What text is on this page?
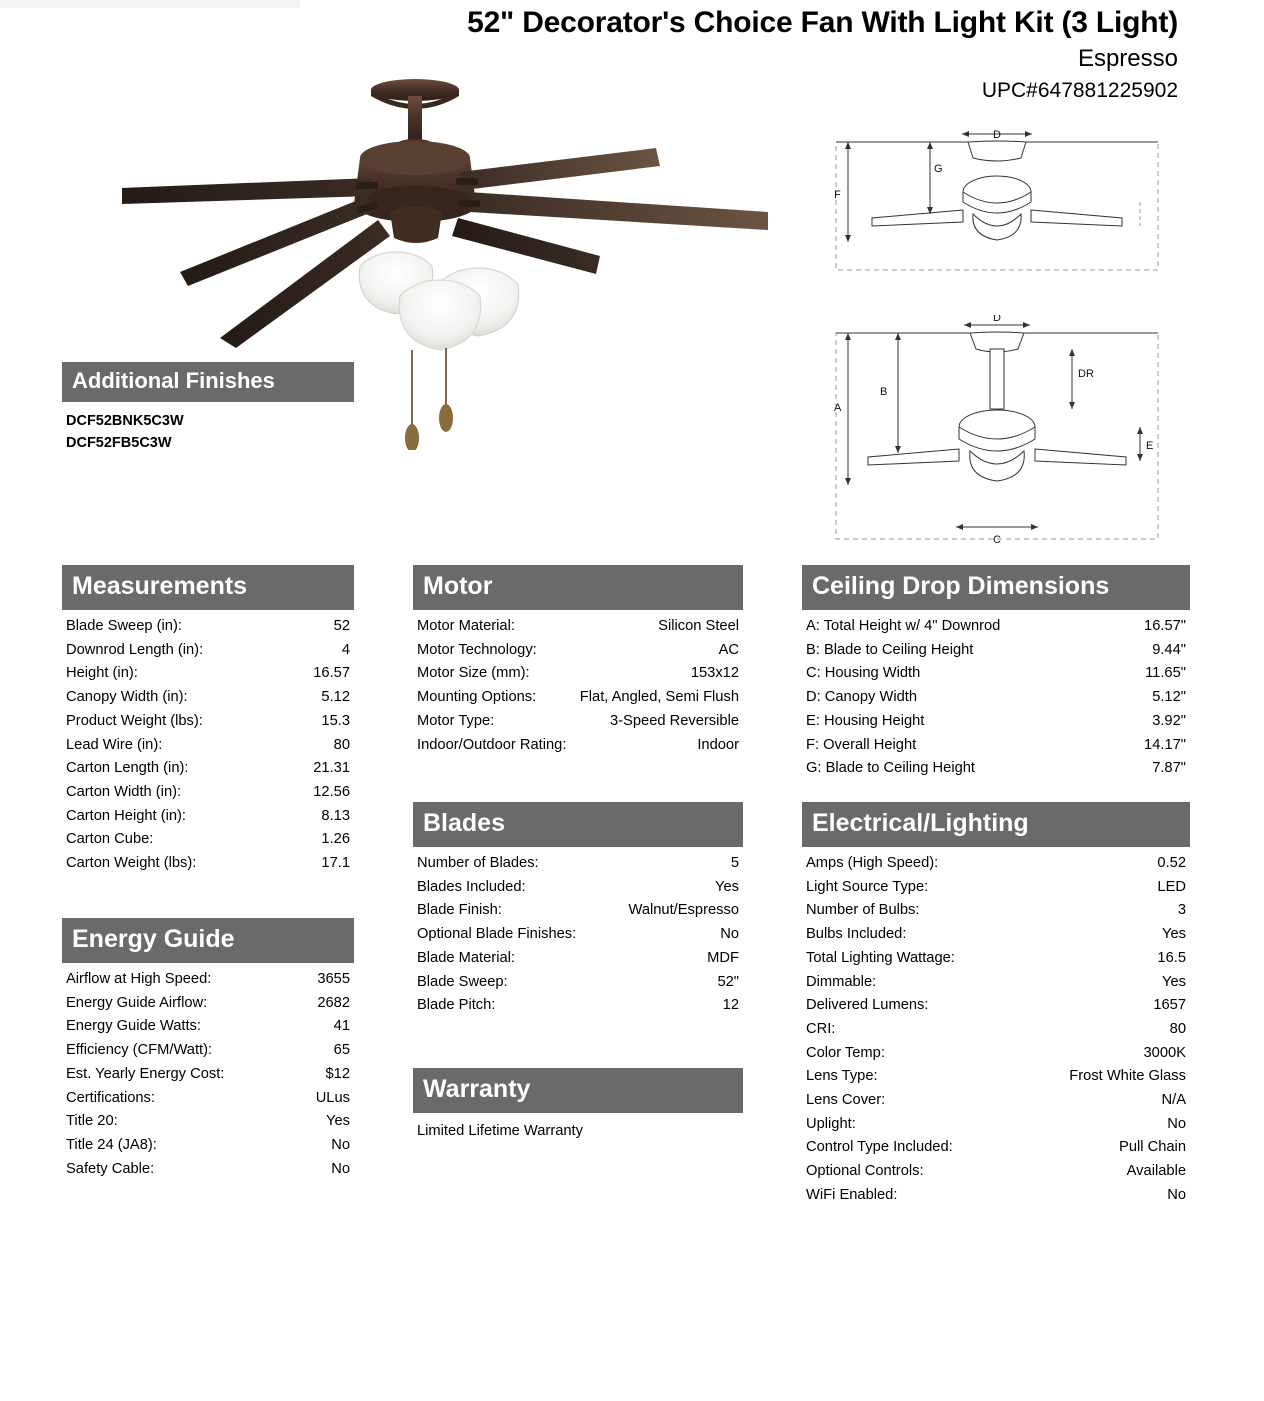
52" Decorator's Choice Fan With Light Kit (3 Light)
Espresso
UPC#647881225902
Additional Finishes
DCF52BNK5C3W
DCF52FB5C3W
D
G
F
D
A
B
DR
E
C
Measurements
Blade Sweep (in):	52
Downrod Length (in):	4
Height (in):	16.57
Canopy Width (in):	5.12
Product Weight (lbs):	15.3
Lead Wire (in):	80
Carton Length (in):	21.31
Carton Width (in):	12.56
Carton Height (in):	8.13
Carton Cube:	1.26
Carton Weight (lbs):	17.1
Energy Guide
Airflow at High Speed:	3655
Energy Guide Airflow:	2682
Energy Guide Watts:	41
Efficiency (CFM/Watt):	65
Est. Yearly Energy Cost:	$12
Certifications:	ULus
Title 20:	Yes
Title 24 (JA8):	No
Safety Cable:	No
Motor
Motor Material:	Silicon Steel
Motor Technology:	AC
Motor Size (mm):	153x12
Mounting Options:	Flat, Angled, Semi Flush
Motor Type:	3-Speed Reversible
Indoor/Outdoor Rating:	Indoor
Blades
Number of Blades:	5
Blades Included:	Yes
Blade Finish:	Walnut/Espresso
Optional Blade Finishes:	No
Blade Material:	MDF
Blade Sweep:	52"
Blade Pitch:	12
Warranty
Limited Lifetime Warranty
Ceiling Drop Dimensions
A: Total Height w/ 4" Downrod	16.57"
B: Blade to Ceiling Height	9.44"
C: Housing Width	11.65"
D: Canopy Width	5.12"
E: Housing Height	3.92"
F: Overall Height	14.17"
G: Blade to Ceiling Height	7.87"
Electrical/Lighting
Amps (High Speed):	0.52
Light Source Type:	LED
Number of Bulbs:	3
Bulbs Included:	Yes
Total Lighting Wattage:	16.5
Dimmable:	Yes
Delivered Lumens:	1657
CRI:	80
Color Temp:	3000K
Lens Type:	Frost White Glass
Lens Cover:	N/A
Uplight:	No
Control Type Included:	Pull Chain
Optional Controls:	Available
WiFi Enabled:	No
